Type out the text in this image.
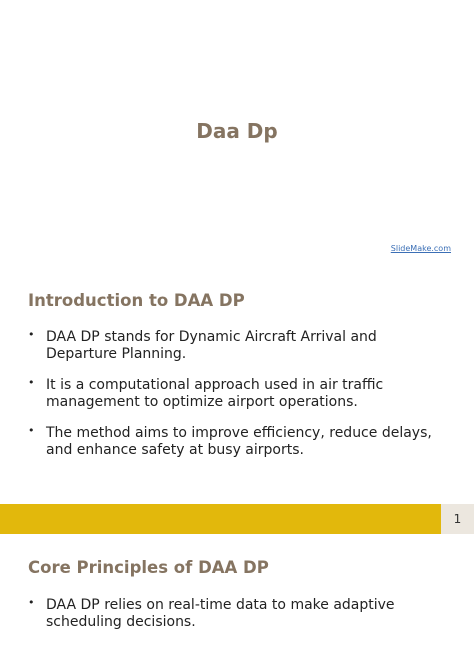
Daa Dp
SlideMake.com
Introduction to DAA DP
• DAA DP stands for Dynamic Aircraft Arrival and Departure Planning.
• It is a computational approach used in air traffic management to optimize airport operations.
• The method aims to improve efficiency, reduce delays, and enhance safety at busy airports.
1
Core Principles of DAA DP
• DAA DP relies on real-time data to make adaptive scheduling decisions.
